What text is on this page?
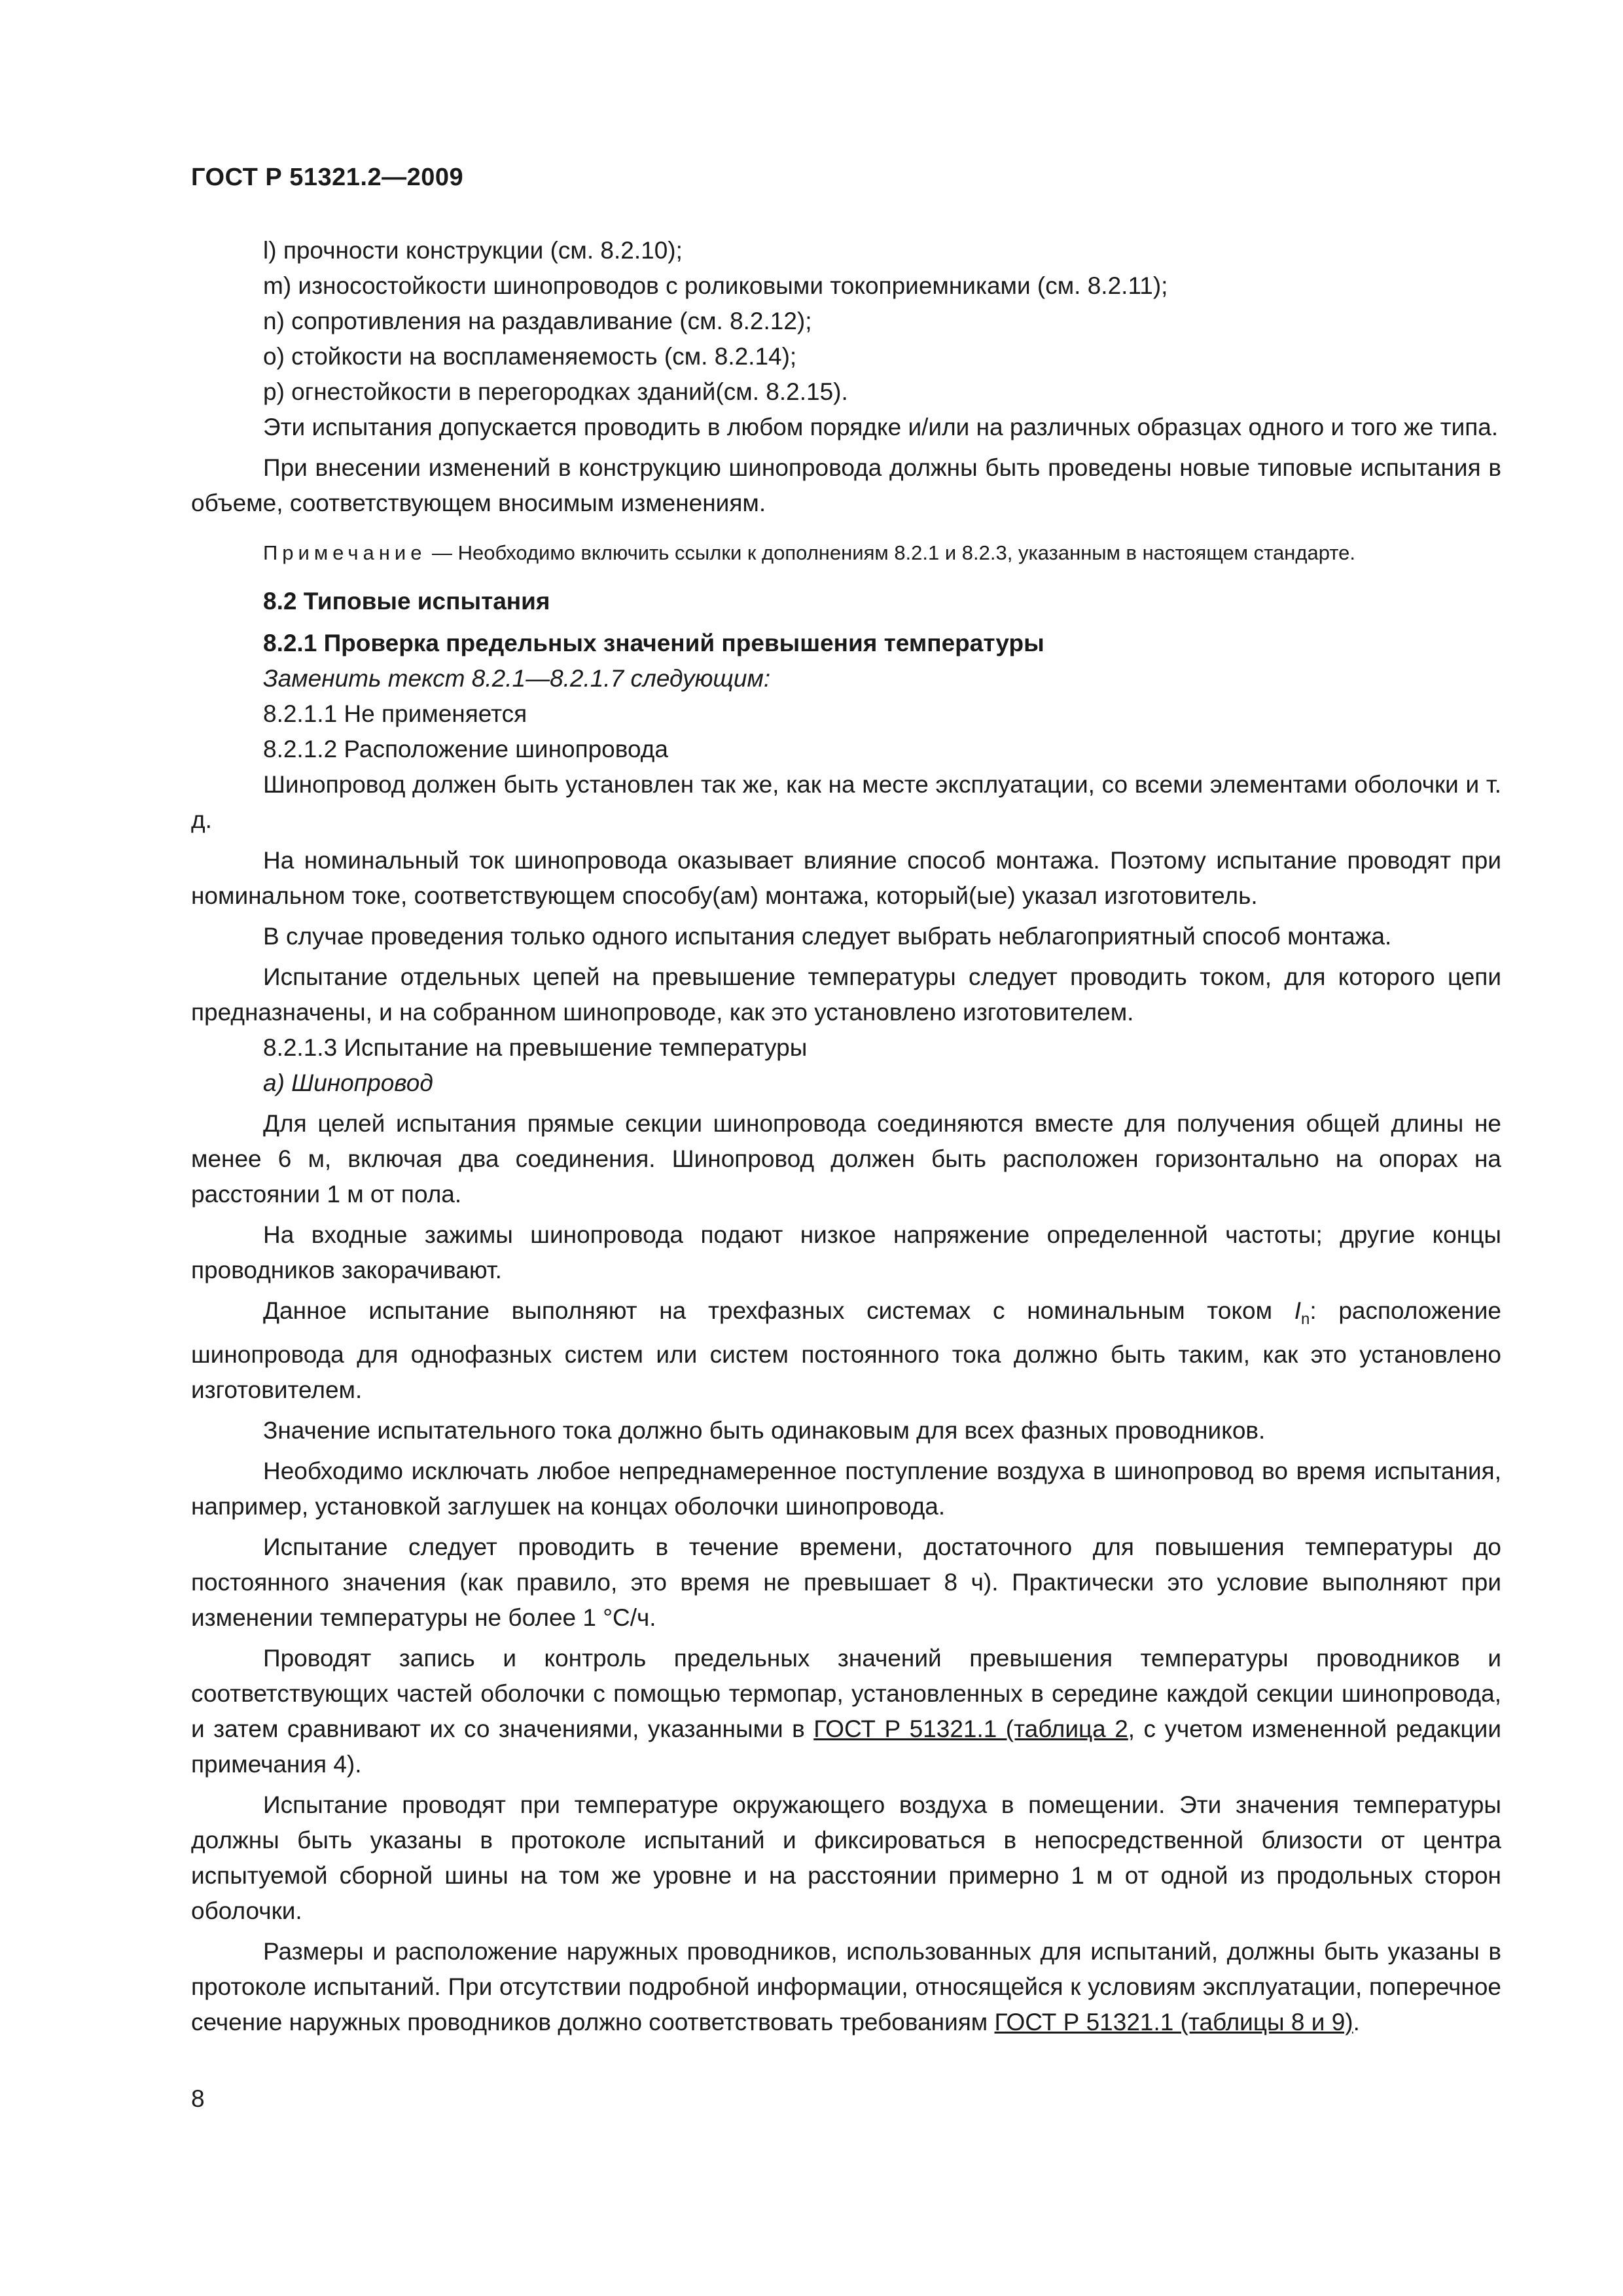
ГОСТ Р 51321.2—2009

l) прочности конструкции (см. 8.2.10);

m) износостойкости шинопроводов с роликовыми токоприемниками (см. 8.2.11);

n) сопротивления на раздавливание (см. 8.2.12);

o) стойкости на воспламеняемость (см. 8.2.14);

p) огнестойкости в перегородках зданий(см. 8.2.15).

Эти испытания допускается проводить в любом порядке и/или на различных образцах одного и того же типа.

При внесении изменений в конструкцию шинопровода должны быть проведены новые типовые испытания в объеме, соответствующем вносимым изменениям.

Примечание — Необходимо включить ссылки к дополнениям 8.2.1 и 8.2.3, указанным в настоящем стандарте.

8.2 Типовые испытания

8.2.1 Проверка предельных значений превышения температуры

Заменить текст 8.2.1—8.2.1.7 следующим:

8.2.1.1 Не применяется

8.2.1.2 Расположение шинопровода

Шинопровод должен быть установлен так же, как на месте эксплуатации, со всеми элементами оболочки и т. д.

На номинальный ток шинопровода оказывает влияние способ монтажа. Поэтому испытание проводят при номинальном токе, соответствующем способу(ам) монтажа, который(ые) указал изготовитель.

В случае проведения только одного испытания следует выбрать неблагоприятный способ монтажа.

Испытание отдельных цепей на превышение температуры следует проводить током, для которого цепи предназначены, и на собранном шинопроводе, как это установлено изготовителем.

8.2.1.3 Испытание на превышение температуры

а) Шинопровод

Для целей испытания прямые секции шинопровода соединяются вместе для получения общей длины не менее 6 м, включая два соединения. Шинопровод должен быть расположен горизонтально на опорах на расстоянии 1 м от пола.

На входные зажимы шинопровода подают низкое напряжение определенной частоты; другие концы проводников закорачивают.

Данное испытание выполняют на трехфазных системах с номинальным током $I_n$: расположение шинопровода для однофазных систем или систем постоянного тока должно быть таким, как это установлено изготовителем.

Значение испытательного тока должно быть одинаковым для всех фазных проводников.

Необходимо исключать любое непреднамеренное поступление воздуха в шинопровод во время испытания, например, установкой заглушек на концах оболочки шинопровода.

Испытание следует проводить в течение времени, достаточного для повышения температуры до постоянного значения (как правило, это время не превышает 8 ч). Практически это условие выполняют при изменении температуры не более 1 °С/ч.

Проводят запись и контроль предельных значений превышения температуры проводников и соответствующих частей оболочки с помощью термопар, установленных в середине каждой секции шинопровода, и затем сравнивают их со значениями, указанными в ГОСТ Р 51321.1 (таблица 2, с учетом измененной редакции примечания 4).

Испытание проводят при температуре окружающего воздуха в помещении. Эти значения температуры должны быть указаны в протоколе испытаний и фиксироваться в непосредственной близости от центра испытуемой сборной шины на том же уровне и на расстоянии примерно 1 м от одной из продольных сторон оболочки.

Размеры и расположение наружных проводников, использованных для испытаний, должны быть указаны в протоколе испытаний. При отсутствии подробной информации, относящейся к условиям эксплуатации, поперечное сечение наружных проводников должно соответствовать требованиям ГОСТ Р 51321.1 (таблицы 8 и 9).

8
